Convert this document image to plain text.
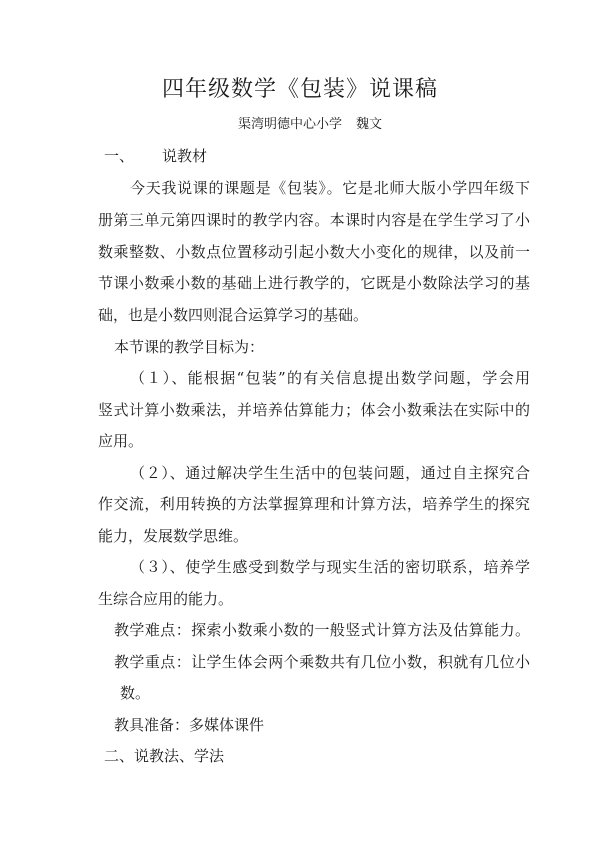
四年级数学《包装》说课稿
渠湾明德中心小学 魏文
一、 说教材
今天我说课的课题是《包装》。它是北师大版小学四年级下
册第三单元第四课时的教学内容。本课时内容是在学生学习了小
数乘整数、小数点位置移动引起小数大小变化的规律，以及前一
节课小数乘小数的基础上进行教学的，它既是小数除法学习的基
础，也是小数四则混合运算学习的基础。
本节课的教学目标为：
（１）、能根据“包装”的有关信息提出数学问题，学会用
竖式计算小数乘法，并培养估算能力；体会小数乘法在实际中的
应用。
（２）、通过解决学生生活中的包装问题，通过自主探究合
作交流，利用转换的方法掌握算理和计算方法，培养学生的探究
能力，发展数学思维。
（３）、使学生感受到数学与现实生活的密切联系，培养学
生综合应用的能力。
教学难点：探索小数乘小数的一般竖式计算方法及估算能力。
教学重点：让学生体会两个乘数共有几位小数，积就有几位小
数。
教具准备：多媒体课件
二、说教法、学法
